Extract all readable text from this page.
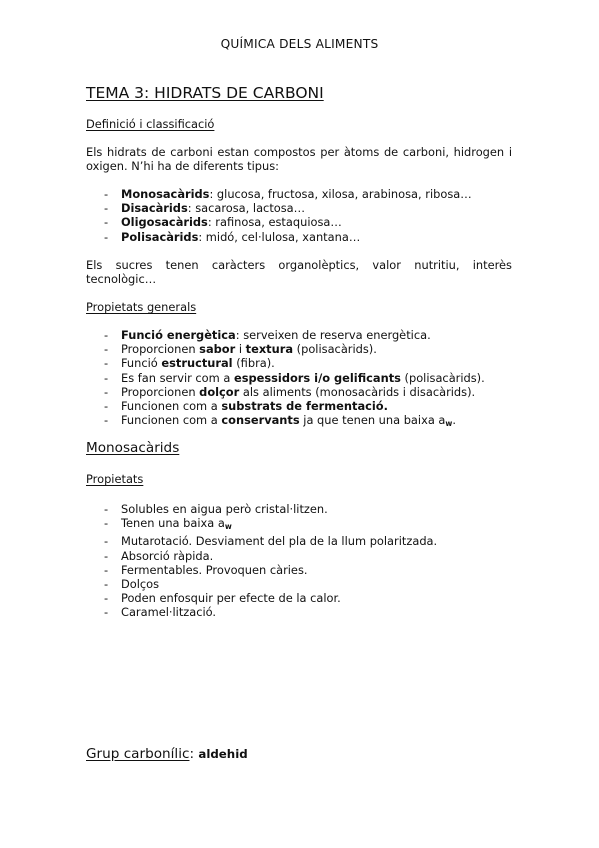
QUÍMICA DELS ALIMENTS
TEMA 3: HIDRATS DE CARBONI
Definició i classificació
Els hidrats de carboni estan compostos per àtoms de carboni, hidrogen i oxigen. N’hi ha de diferents tipus:
- Monosacàrids: glucosa, fructosa, xilosa, arabinosa, ribosa…
- Disacàrids: sacarosa, lactosa…
- Oligosacàrids: rafinosa, estaquiosa…
- Polisacàrids: midó, cel·lulosa, xantana…
Els sucres tenen caràcters organolèptics, valor nutritiu, interès tecnològic…
Propietats generals
- Funció energètica: serveixen de reserva energètica.
- Proporcionen sabor i textura (polisacàrids).
- Funció estructural (fibra).
- Es fan servir com a espessidors i/o gelificants (polisacàrids).
- Proporcionen dolçor als aliments (monosacàrids i disacàrids).
- Funcionen com a substrats de fermentació.
- Funcionen com a conservants ja que tenen una baixa $a_w$.
Monosacàrids
Propietats
- Solubles en aigua però cristal·litzen.
- Tenen una baixa $a_w$
- Mutarotació. Desviament del pla de la llum polaritzada.
- Absorció ràpida.
- Fermentables. Provoquen càries.
- Dolços
- Poden enfosquir per efecte de la calor.
- Caramel·lització.
Grup carbonílic: aldehid
